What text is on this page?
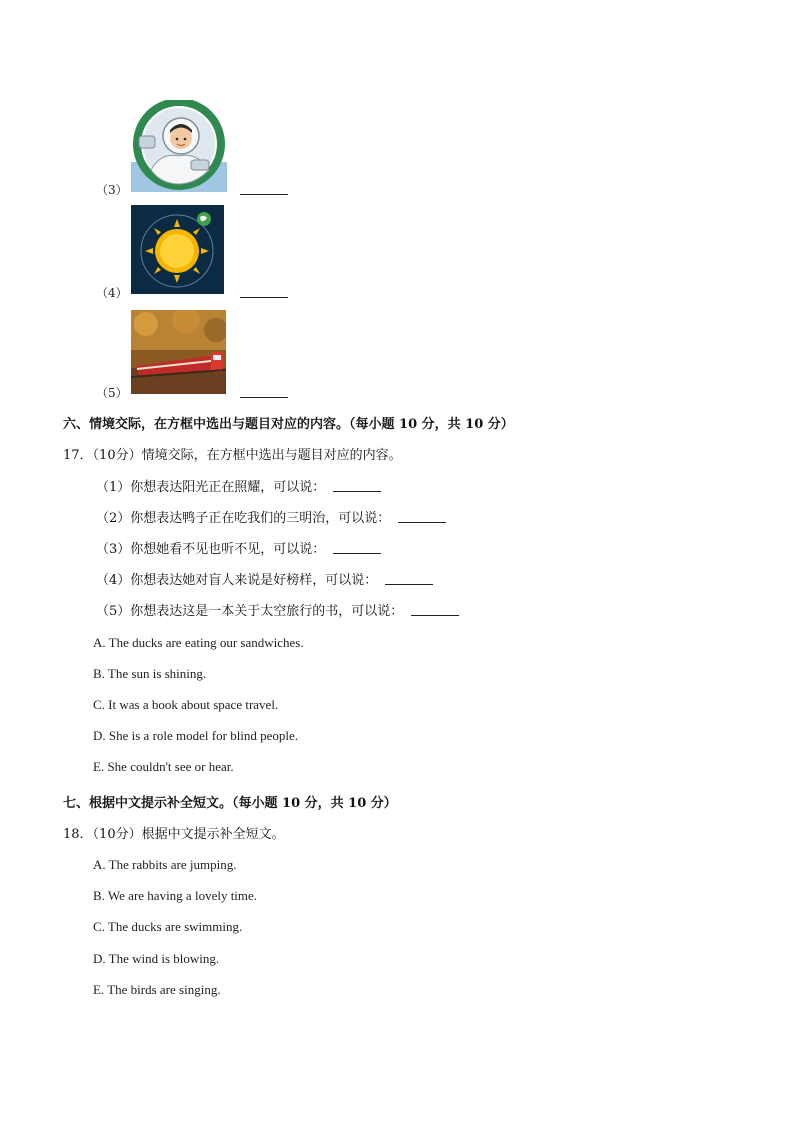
（3）
（4）
（5）
六、情境交际，在方框中选出与题目对应的内容。（每小题 10 分，共 10 分）
17．（10分）情境交际，在方框中选出与题目对应的内容。
（1）你想表达阳光正在照耀，可以说：
（2）你想表达鸭子正在吃我们的三明治，可以说：
（3）你想她看不见也听不见，可以说：
（4）你想表达她对盲人来说是好榜样，可以说：
（5）你想表达这是一本关于太空旅行的书，可以说：
A. The ducks are eating our sandwiches.
B. The sun is shining.
C. It was a book about space travel.
D. She is a role model for blind people.
E. She couldn't see or hear.
七、根据中文提示补全短文。（每小题 10 分，共 10 分）
18．（10分）根据中文提示补全短文。
A. The rabbits are jumping.
B. We are having a lovely time.
C. The ducks are swimming.
D. The wind is blowing.
E. The birds are singing.
